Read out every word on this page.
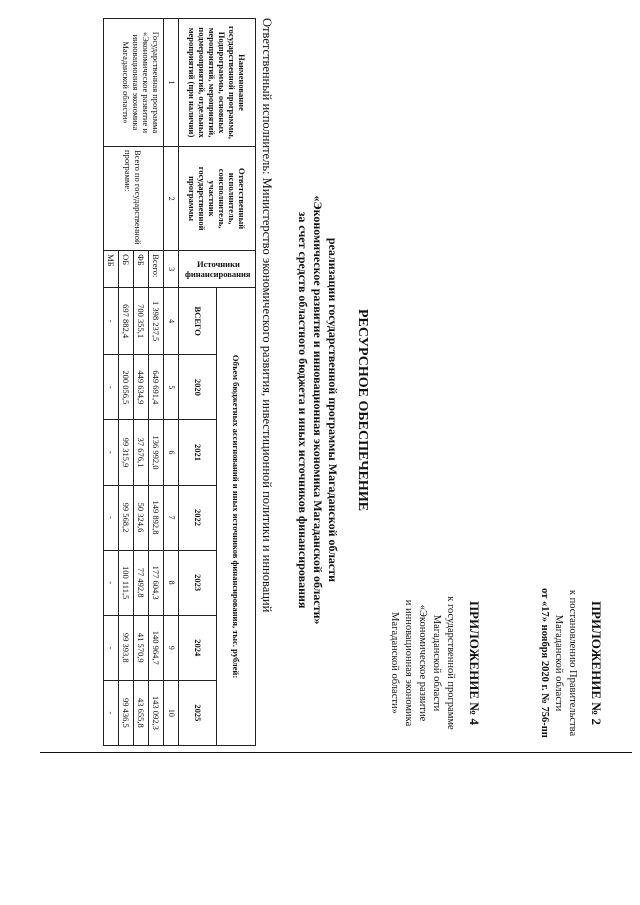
ПРИЛОЖЕНИЕ № 2
к постановлению Правительства
Магаданской области
от «17» ноября 2020 г. № 756-пп
ПРИЛОЖЕНИЕ № 4
к государственной программе
Магаданской области
«Экономическое развитие
и инновационная экономика
Магаданской области»
РЕСУРСНОЕ ОБЕСПЕЧЕНИЕ
реализации государственной программы Магаданской области
«Экономическое развитие и инновационная экономика Магаданской области»
за счет средств областного бюджета и иных источников финансирования
Ответственный исполнитель: Министерство экономического развития, инвестиционной политики и инноваций
Наименование государственной программы, Подпрограммы, основных мероприятий, мероприятий, подмероприятий, отдельных мероприятий (при наличии)	Ответственный исполнитель, соисполнитель, участник государственной программы	Источники финансирования	Объем бюджетных ассигнований и иных источников финансирования, тыс. рублей:						
			ВСЕГО	2020	2021	2022	2023	2024	2025
1	2	3	4	5	6	7	8	9	10
Государственная программа «Экономическое развитие и инновационная экономика Магаданской области»	Всего по государственной программе:	Всего:	1 398 237,5	649 691,4	136 992,0	149 892,8	177 604,3	140 964,7	143 092,3
		ФБ	700 355,1	449 634,9	37 676,1	50 324,6	77 492,8	41 570,9	43 655,8
		ОБ	697 882,4	200 056,5	99 315,9	99 568,2	100 111,5	99 393,8	99 436,5
		МБ	-	-	-	-	-	-	-
